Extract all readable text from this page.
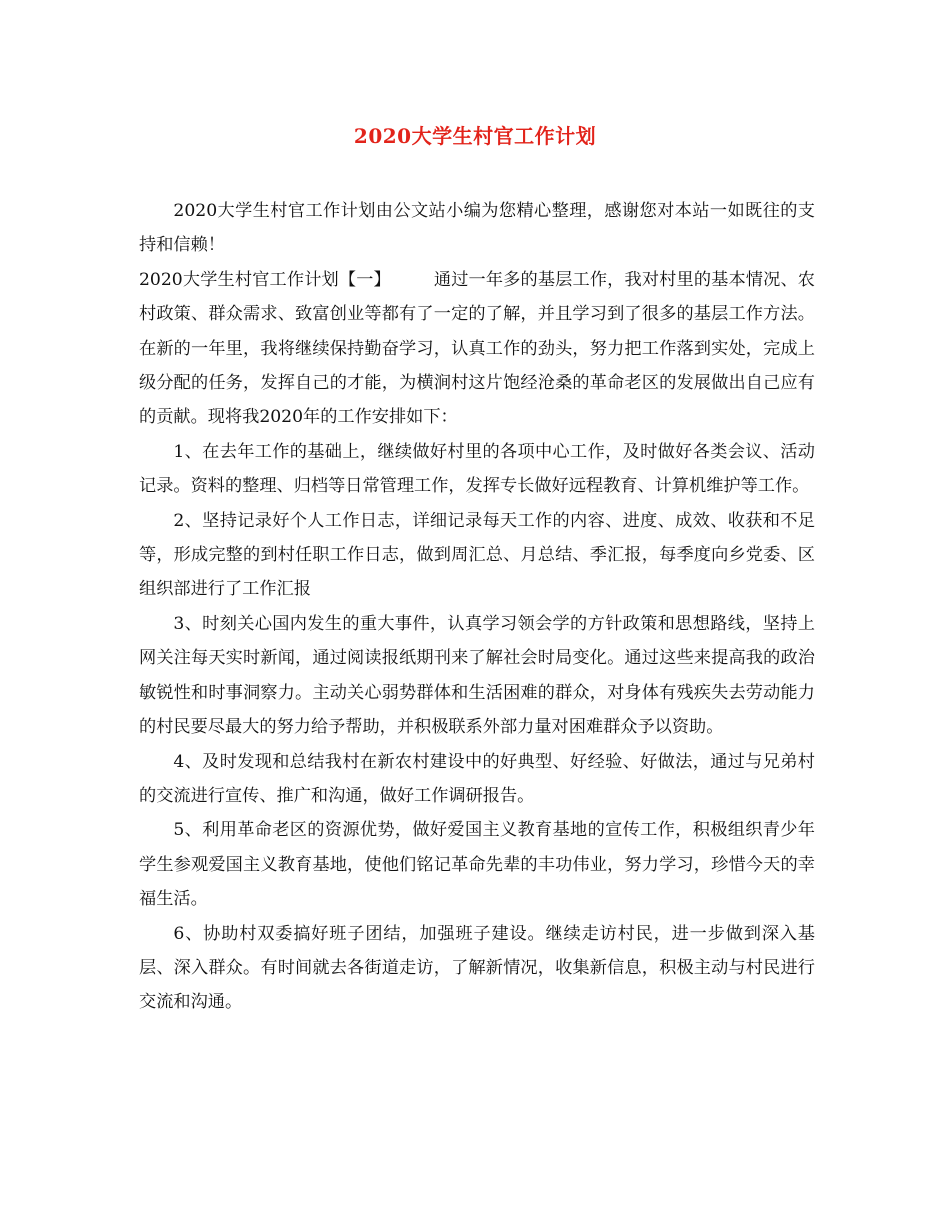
2020大学生村官工作计划

2020大学生村官工作计划由公文站小编为您精心整理，感谢您对本站一如既往的支持和信赖！

2020大学生村官工作计划【一】	通过一年多的基层工作，我对村里的基本情况、农村政策、群众需求、致富创业等都有了一定的了解，并且学习到了很多的基层工作方法。在新的一年里，我将继续保持勤奋学习，认真工作的劲头，努力把工作落到实处，完成上级分配的任务，发挥自己的才能，为横涧村这片饱经沧桑的革命老区的发展做出自己应有的贡献。现将我2020年的工作安排如下：

1、在去年工作的基础上，继续做好村里的各项中心工作，及时做好各类会议、活动记录。资料的整理、归档等日常管理工作，发挥专长做好远程教育、计算机维护等工作。

2、坚持记录好个人工作日志，详细记录每天工作的内容、进度、成效、收获和不足等，形成完整的到村任职工作日志，做到周汇总、月总结、季汇报，每季度向乡党委、区组织部进行了工作汇报

3、时刻关心国内发生的重大事件，认真学习领会学的方针政策和思想路线，坚持上网关注每天实时新闻，通过阅读报纸期刊来了解社会时局变化。通过这些来提高我的政治敏锐性和时事洞察力。主动关心弱势群体和生活困难的群众，对身体有残疾失去劳动能力的村民要尽最大的努力给予帮助，并积极联系外部力量对困难群众予以资助。

4、及时发现和总结我村在新农村建设中的好典型、好经验、好做法，通过与兄弟村的交流进行宣传、推广和沟通，做好工作调研报告。

5、利用革命老区的资源优势，做好爱国主义教育基地的宣传工作，积极组织青少年学生参观爱国主义教育基地，使他们铭记革命先辈的丰功伟业，努力学习，珍惜今天的幸福生活。

6、协助村双委搞好班子团结，加强班子建设。继续走访村民，进一步做到深入基层、深入群众。有时间就去各街道走访，了解新情况，收集新信息，积极主动与村民进行交流和沟通。
